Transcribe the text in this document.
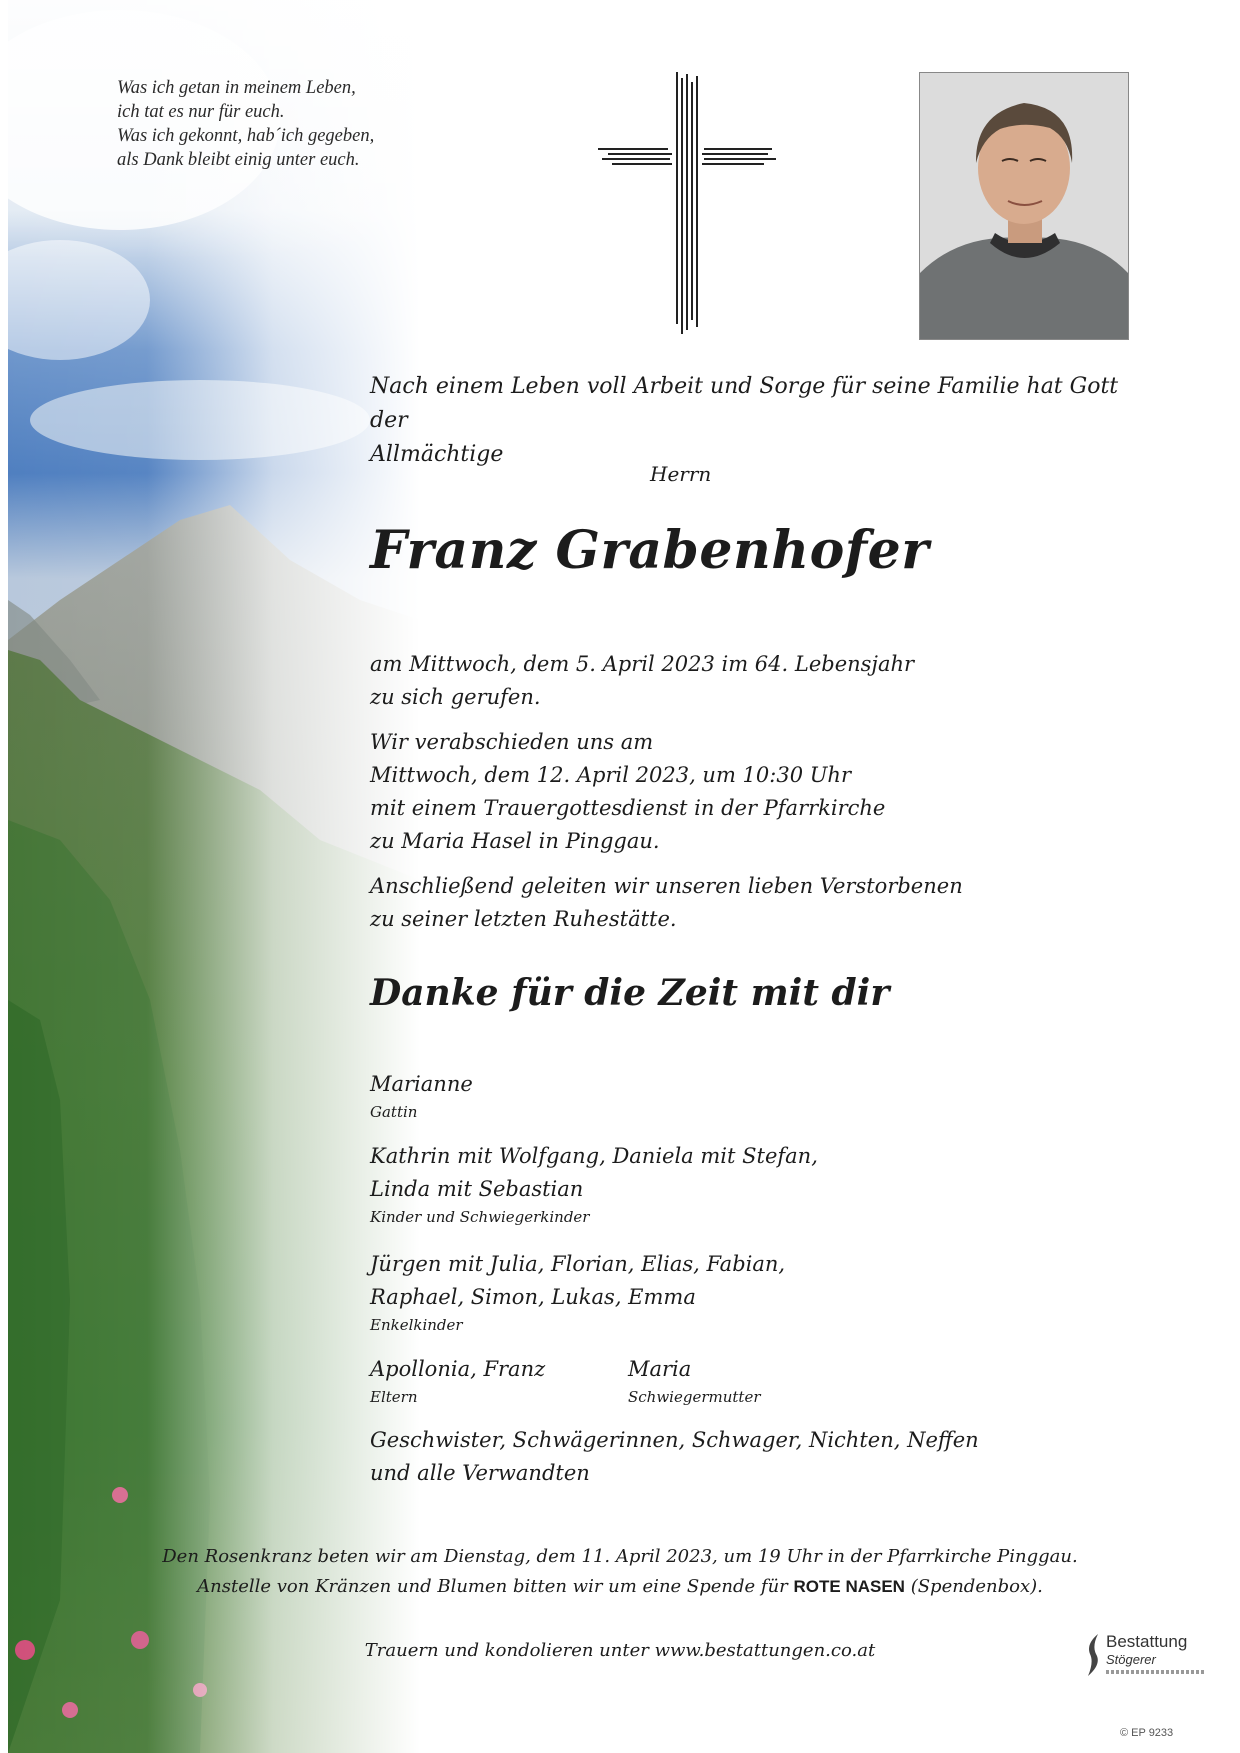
Was ich getan in meinem Leben,
ich tat es nur für euch.
Was ich gekonnt, hab´ich gegeben,
als Dank bleibt einig unter euch.
Nach einem Leben voll Arbeit und Sorge für seine Familie hat Gott der
Allmächtige
Herrn
Franz Grabenhofer
am Mittwoch, dem 5. April 2023 im 64. Lebensjahr
zu sich gerufen.
Wir verabschieden uns am
Mittwoch, dem 12. April 2023, um 10:30 Uhr
mit einem Trauergottesdienst in der Pfarrkirche
zu Maria Hasel in Pinggau.
Anschließend geleiten wir unseren lieben Verstorbenen
zu seiner letzten Ruhestätte.
Danke für die Zeit mit dir
Marianne
Gattin
Kathrin mit Wolfgang, Daniela mit Stefan,
Linda mit Sebastian
Kinder und Schwiegerkinder
Jürgen mit Julia, Florian, Elias, Fabian,
Raphael, Simon, Lukas, Emma
Enkelkinder
Apollonia, Franz
Eltern
Maria
Schwiegermutter
Geschwister, Schwägerinnen, Schwager, Nichten, Neffen
und alle Verwandten
Den Rosenkranz beten wir am Dienstag, dem 11. April 2023, um 19 Uhr in der Pfarrkirche Pinggau.
Anstelle von Kränzen und Blumen bitten wir um eine Spende für ROTE NASEN (Spendenbox).
Trauern und kondolieren unter www.bestattungen.co.at	Bestattung
Stögerer
© EP 9233
